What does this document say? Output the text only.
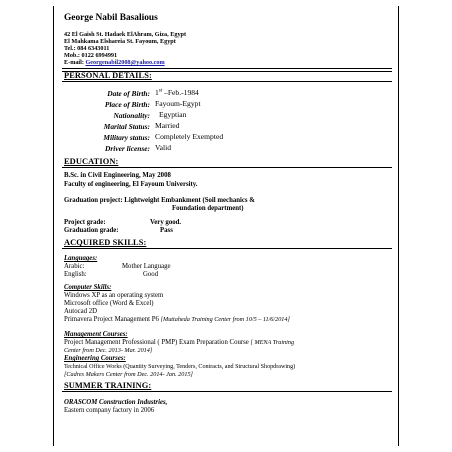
George Nabil Basalious
42 El Gaish St. Hadaek ElAhram, Giza, Egypt
El Mahkama Elshareia St. Fayoum, Egypt
Tel.: 084 6343011
Mob.: 0122 6994991
E-mail: Georgenabil2008@yahoo.com
PERSONAL DETAILS:
Date of Birth: 1st –Feb.-1984
Place of Birth: Fayoum-Egypt
Nationality: Egyptian
Marital Status: Married
Military status: Completely Exempted
Driver license: Valid
EDUCATION:
B.Sc. in Civil Engineering, May 2008
Faculty of engineering, El Fayoum University.
Graduation project: Lightweight Embankment (Soil mechanics &
Foundation department)
Project grade:	Very good.
Graduation grade:	Pass
ACQUIRED SKILLS:
Languages:
Arabic:	Mother Language
English:	Good
Computer Skills:
Windows XP as an operating system
Microsoft office (Word & Excel)
Autocad 2D
Primavera Project Management P6 [Muttaheda Training Center from 10/5 – 11/6/2014]
Management Courses:
Project Management Professional ( PMP) Exam Preparation Course [ MENA Training
Center from Dec. 2013- Mar. 2014]
Engineering Courses:
Technical Office Works (Quantity Surveying, Tenders, Contracts, and Structural Shopdrawing)
[Cadres Makers Center from Dec. 2014- Jan. 2015]
SUMMER TRAINING:
ORASCOM Construction Industries,
Eastern company factory in 2006
